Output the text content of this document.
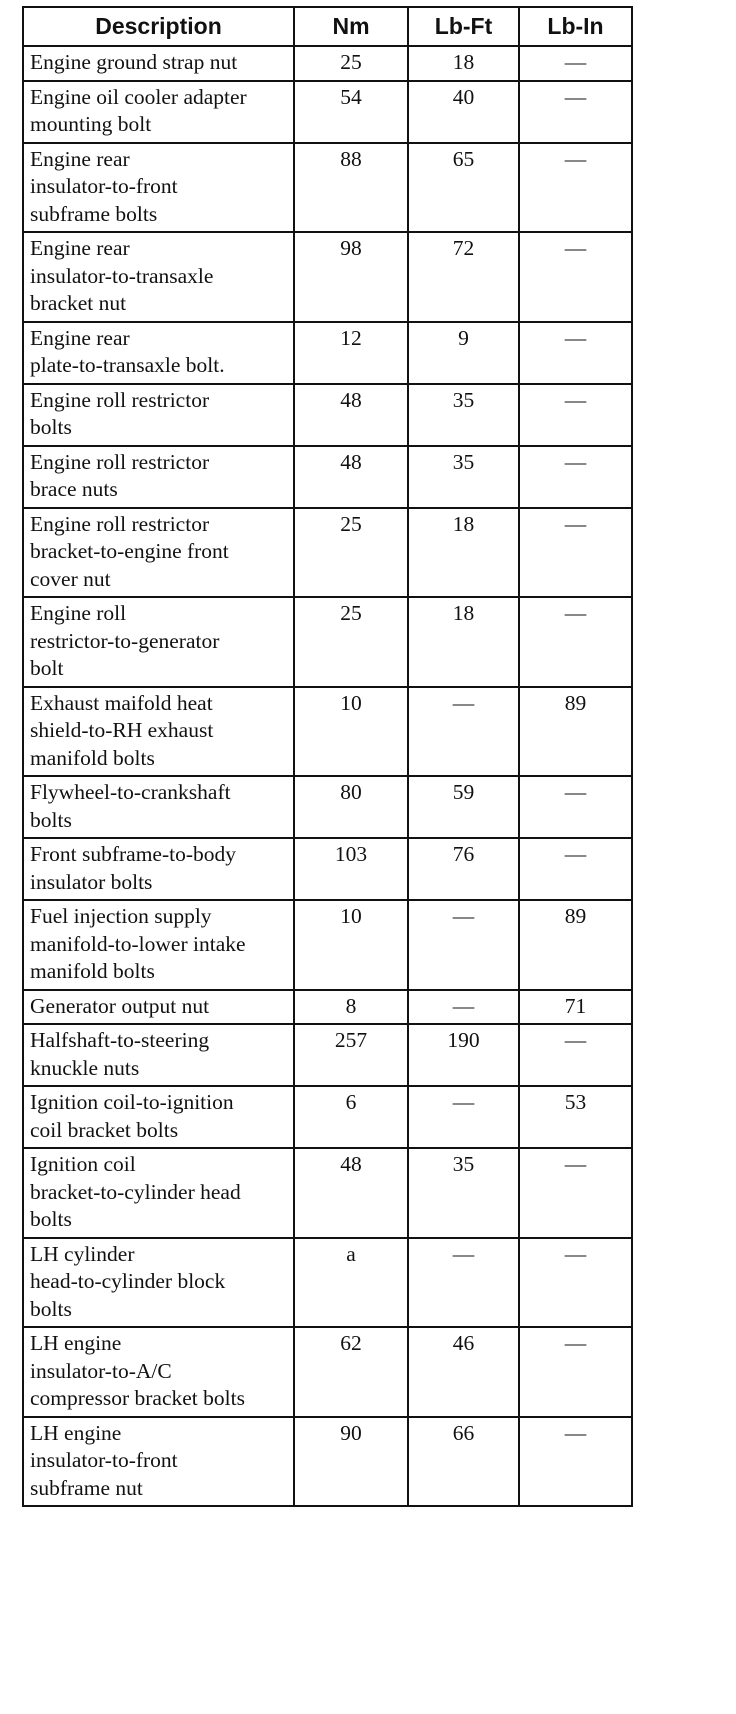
Description	Nm	Lb-Ft	Lb-In

Engine ground strap nut	25	18	—

Engine oil cooler adapter
mounting bolt	54	40	—

Engine rear
insulator-to-front
subframe bolts	88	65	—

Engine rear
insulator-to-transaxle
bracket nut	98	72	—

Engine rear
plate-to-transaxle bolt.	12	9	—

Engine roll restrictor
bolts	48	35	—

Engine roll restrictor
brace nuts	48	35	—

Engine roll restrictor
bracket-to-engine front
cover nut	25	18	—

Engine roll
restrictor-to-generator
bolt	25	18	—

Exhaust maifold heat
shield-to-RH exhaust
manifold bolts	10	—	89

Flywheel-to-crankshaft
bolts	80	59	—

Front subframe-to-body
insulator bolts	103	76	—

Fuel injection supply
manifold-to-lower intake
manifold bolts	10	—	89

Generator output nut	8	—	71

Halfshaft-to-steering
knuckle nuts	257	190	—

Ignition coil-to-ignition
coil bracket bolts	6	—	53

Ignition coil
bracket-to-cylinder head
bolts	48	35	—

LH cylinder
head-to-cylinder block
bolts	a	—	—

LH engine
insulator-to-A/C
compressor bracket bolts	62	46	—

LH engine
insulator-to-front
subframe nut	90	66	—
